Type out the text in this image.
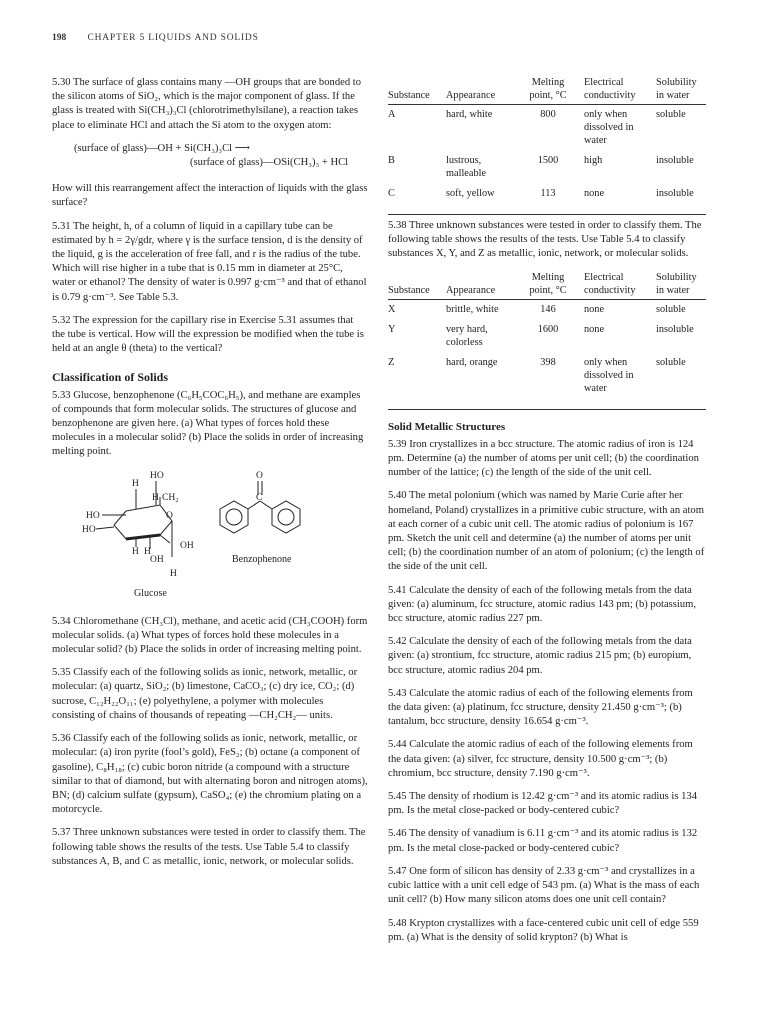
198 CHAPTER 5 LIQUIDS AND SOLIDS

5.30 The surface of glass contains many —OH groups that are bonded to the silicon atoms of SiO₂, which is the major component of glass. If the glass is treated with Si(CH₃)₃Cl (chlorotrimethylsilane), a reaction takes place to eliminate HCl and attach the Si atom to the oxygen atom:

(surface of glass)—OH + Si(CH₃)₃Cl ⟶
(surface of glass)—OSi(CH₃)₃ + HCl

How will this rearrangement affect the interaction of liquids with the glass surface?

5.31 The height, h, of a column of liquid in a capillary tube can be estimated by h = 2γ/gdr, where γ is the surface tension, d is the density of the liquid, g is the acceleration of free fall, and r is the radius of the tube. Which will rise higher in a tube that is 0.15 mm in diameter at 25°C, water or ethanol? The density of water is 0.997 g·cm⁻³ and that of ethanol is 0.79 g·cm⁻³. See Table 5.3.

5.32 The expression for the capillary rise in Exercise 5.31 assumes that the tube is vertical. How will the expression be modified when the tube is held at an angle θ (theta) to the vertical?

Classification of Solids

5.33 Glucose, benzophenone (C₆H₅COC₆H₅), and methane are examples of compounds that form molecular solids. The structures of glucose and benzophenone are given here. (a) What types of forces hold these molecules in a molecular solid? (b) Place the solids in order of increasing melting point.

H
HO
HO
H CH₂
O
HO
H H
OH
OH
H
Glucose
O
C
Benzophenone

5.34 Chloromethane (CH₃Cl), methane, and acetic acid (CH₃COOH) form molecular solids. (a) What types of forces hold these molecules in a molecular solid? (b) Place the solids in order of increasing melting point.

5.35 Classify each of the following solids as ionic, network, metallic, or molecular: (a) quartz, SiO₂; (b) limestone, CaCO₃; (c) dry ice, CO₂; (d) sucrose, C₁₂H₂₂O₁₁; (e) polyethylene, a polymer with molecules consisting of chains of thousands of repeating —CH₂CH₂— units.

5.36 Classify each of the following solids as ionic, network, metallic, or molecular: (a) iron pyrite (fool’s gold), FeS₂; (b) octane (a component of gasoline), C₈H₁₈; (c) cubic boron nitride (a compound with a structure similar to that of diamond, but with alternating boron and nitrogen atoms), BN; (d) calcium sulfate (gypsum), CaSO₄; (e) the chromium plating on a motorcycle.

5.37 Three unknown substances were tested in order to classify them. The following table shows the results of the tests. Use Table 5.4 to classify substances A, B, and C as metallic, ionic, network, or molecular solids.

Substance	Appearance	Melting point, °C	Electrical conductivity	Solubility in water
A	hard, white	800	only when dissolved in water	soluble
B	lustrous, malleable	1500	high	insoluble
C	soft, yellow	113	none	insoluble

5.38 Three unknown substances were tested in order to classify them. The following table shows the results of the tests. Use Table 5.4 to classify substances X, Y, and Z as metallic, ionic, network, or molecular solids.

Substance	Appearance	Melting point, °C	Electrical conductivity	Solubility in water
X	brittle, white	146	none	soluble
Y	very hard, colorless	1600	none	insoluble
Z	hard, orange	398	only when dissolved in water	soluble
Solid Metallic Structures

5.39 Iron crystallizes in a bcc structure. The atomic radius of iron is 124 pm. Determine (a) the number of atoms per unit cell; (b) the coordination number of the lattice; (c) the length of the side of the unit cell.

5.40 The metal polonium (which was named by Marie Curie after her homeland, Poland) crystallizes in a primitive cubic structure, with an atom at each corner of a cubic unit cell. The atomic radius of polonium is 167 pm. Sketch the unit cell and determine (a) the number of atoms per unit cell; (b) the coordination number of an atom of polonium; (c) the length of the side of the unit cell.

5.41 Calculate the density of each of the following metals from the data given: (a) aluminum, fcc structure, atomic radius 143 pm; (b) potassium, bcc structure, atomic radius 227 pm.

5.42 Calculate the density of each of the following metals from the data given: (a) strontium, fcc structure, atomic radius 215 pm; (b) europium, bcc structure, atomic radius 204 pm.

5.43 Calculate the atomic radius of each of the following elements from the data given: (a) platinum, fcc structure, density 21.450 g·cm⁻³; (b) tantalum, bcc structure, density 16.654 g·cm⁻³.

5.44 Calculate the atomic radius of each of the following elements from the data given: (a) silver, fcc structure, density 10.500 g·cm⁻³; (b) chromium, bcc structure, density 7.190 g·cm⁻³.

5.45 The density of rhodium is 12.42 g·cm⁻³ and its atomic radius is 134 pm. Is the metal close-packed or body-centered cubic?

5.46 The density of vanadium is 6.11 g·cm⁻³ and its atomic radius is 132 pm. Is the metal close-packed or body-centered cubic?

5.47 One form of silicon has density of 2.33 g·cm⁻³ and crystallizes in a cubic lattice with a unit cell edge of 543 pm. (a) What is the mass of each unit cell? (b) How many silicon atoms does one unit cell contain?

5.48 Krypton crystallizes with a face-centered cubic unit cell of edge 559 pm. (a) What is the density of solid krypton? (b) What is
